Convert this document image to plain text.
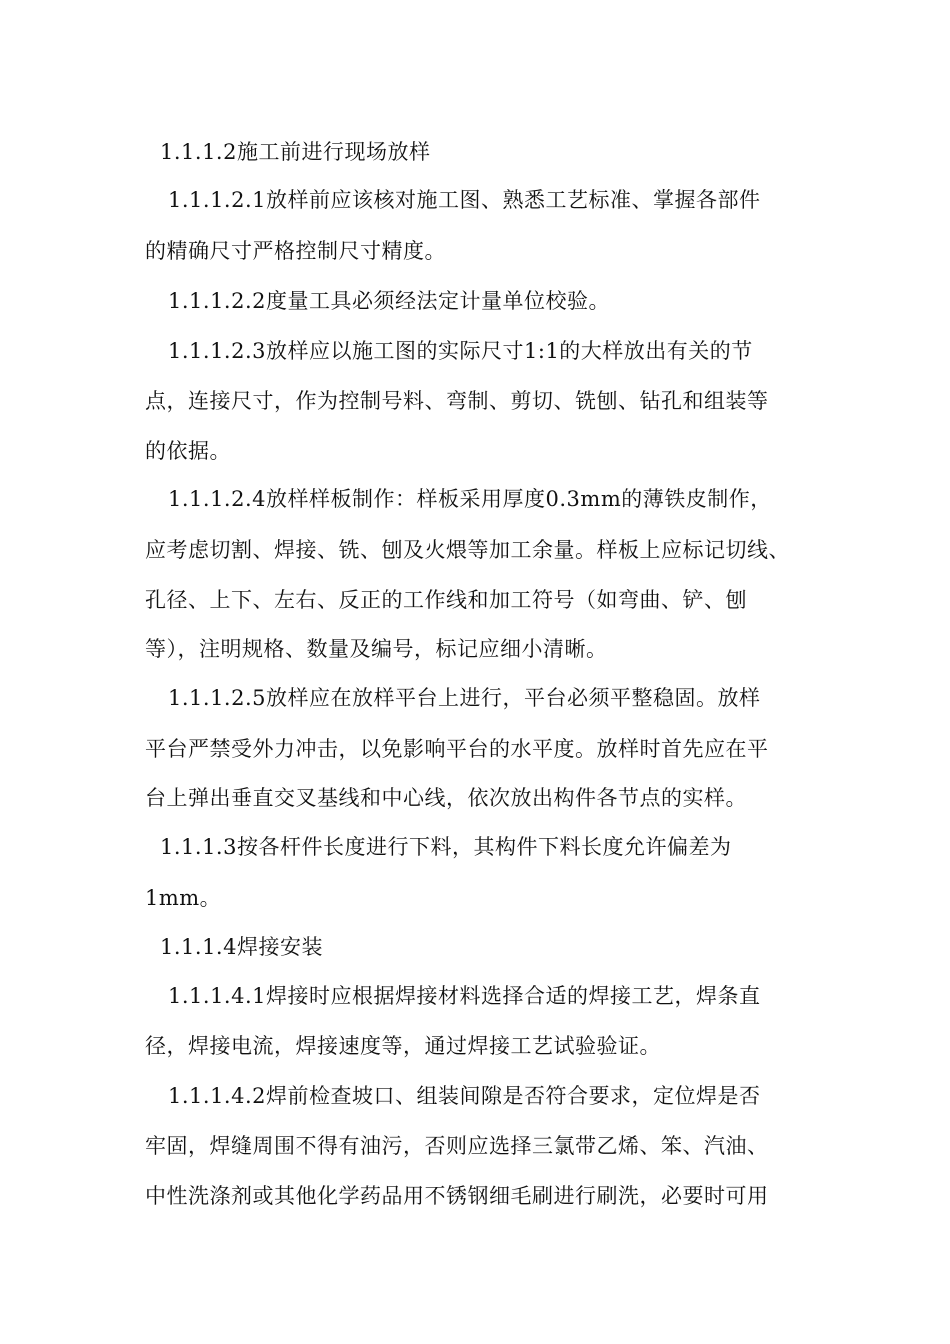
1.1.1.2施工前进行现场放样
1.1.1.2.1放样前应该核对施工图、熟悉工艺标准、掌握各部件
的精确尺寸严格控制尺寸精度。
1.1.1.2.2度量工具必须经法定计量单位校验。
1.1.1.2.3放样应以施工图的实际尺寸1:1的大样放出有关的节
点，连接尺寸，作为控制号料、弯制、剪切、铣刨、钻孔和组装等
的依据。
1.1.1.2.4放样样板制作：样板采用厚度0.3mm的薄铁皮制作，
应考虑切割、焊接、铣、刨及火煨等加工余量。样板上应标记切线、
孔径、上下、左右、反正的工作线和加工符号（如弯曲、铲、刨
等），注明规格、数量及编号，标记应细小清晰。
1.1.1.2.5放样应在放样平台上进行，平台必须平整稳固。放样
平台严禁受外力冲击，以免影响平台的水平度。放样时首先应在平
台上弹出垂直交叉基线和中心线，依次放出构件各节点的实样。
1.1.1.3按各杆件长度进行下料，其构件下料长度允许偏差为
1mm。
1.1.1.4焊接安装
1.1.1.4.1焊接时应根据焊接材料选择合适的焊接工艺，焊条直
径，焊接电流，焊接速度等，通过焊接工艺试验验证。
1.1.1.4.2焊前检查坡口、组装间隙是否符合要求，定位焊是否
牢固，焊缝周围不得有油污，否则应选择三氯带乙烯、笨、汽油、
中性洗涤剂或其他化学药品用不锈钢细毛刷进行刷洗，必要时可用
